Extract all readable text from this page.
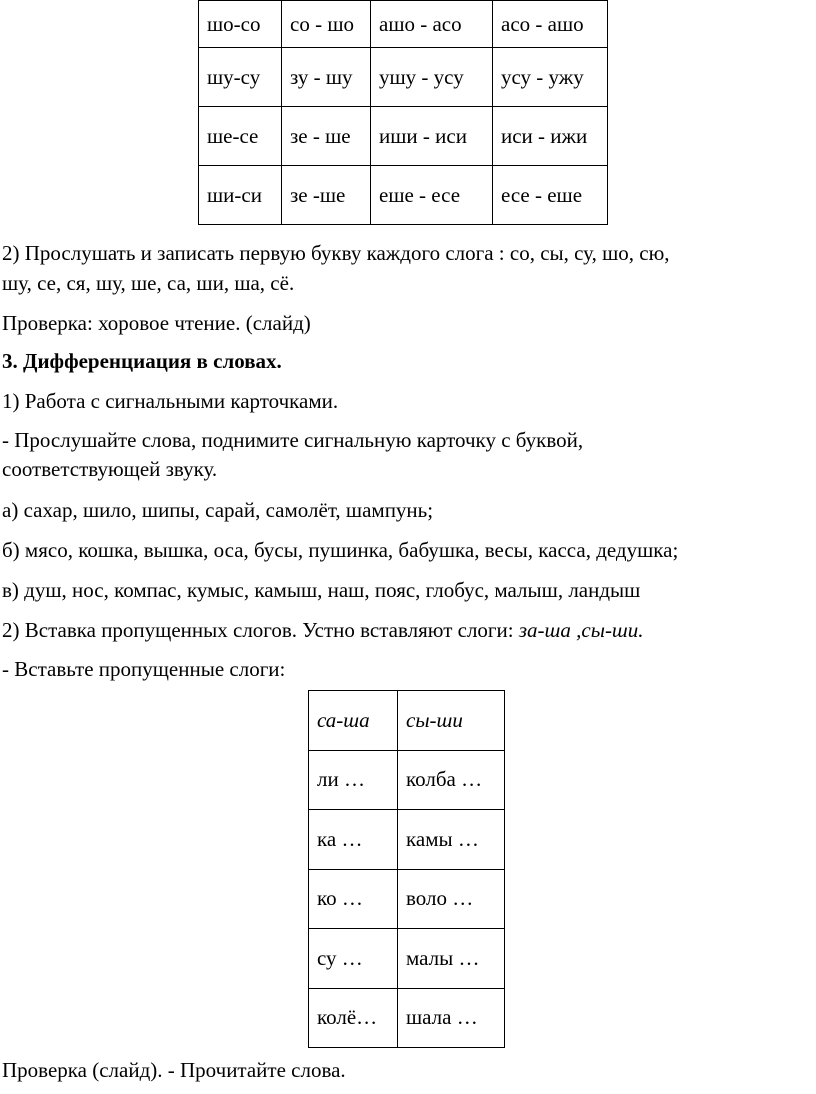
шо-со	со - шо	ашо - асо	асо - ашо
шу-су	зу - шу	ушу - усу	усу - ужу
ше-се	зе - ше	иши - иси	иси - ижи
ши-си	зе -ше	еше - есе	есе - еше
2) Прослушать и записать первую букву каждого слога : со, сы, су, шо, сю,
шу, се, ся, шу, ше, са, ши, ша, сё.
Проверка: хоровое чтение. (слайд)
3. Дифференциация в словах.
1) Работа с сигнальными карточками.
- Прослушайте слова, поднимите сигнальную карточку с буквой,
соответствующей звуку.
а) сахар, шило, шипы, сарай, самолёт, шампунь;
б) мясо, кошка, вышка, оса, бусы, пушинка, бабушка, весы, касса, дедушка;
в) душ, нос, компас, кумыс, камыш, наш, пояс, глобус, малыш, ландыш
2) Вставка пропущенных слогов. Устно вставляют слоги: за-ша ,сы-ши.
- Вставьте пропущенные слоги:
са-ша	сы-ши
ли …	колба …
ка …	камы …
ко …	воло …
су …	малы …
колё…	шала …
Проверка (слайд). - Прочитайте слова.
